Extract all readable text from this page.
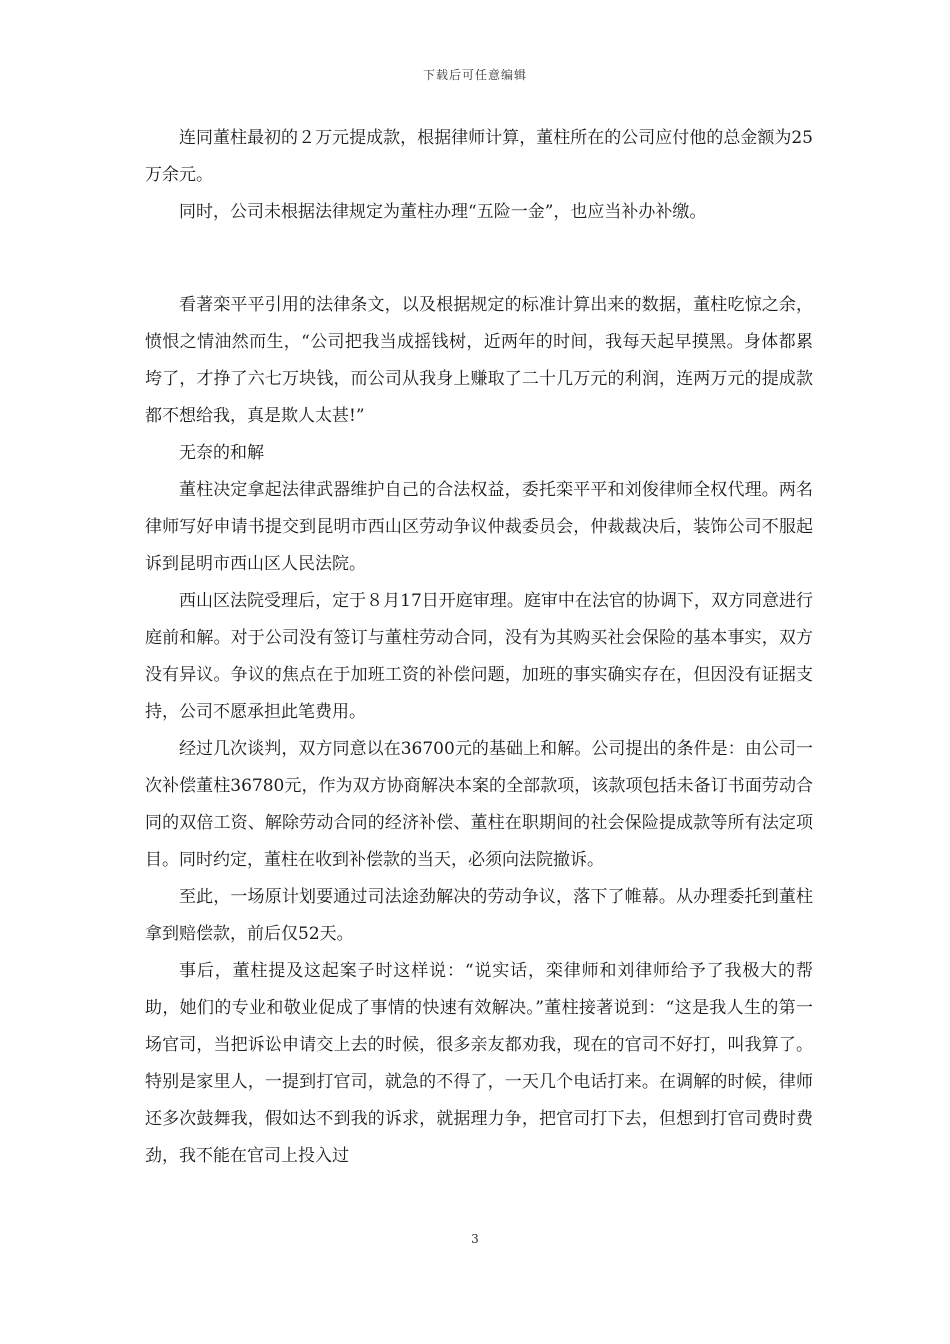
下载后可任意编辑

连同董柱最初的２万元提成款，根据律师计算，董柱所在的公司应付他的总金额为25万余元。

同时，公司未根据法律规定为董柱办理“五险一金”，也应当补办补缴。

看著栾平平引用的法律条文，以及根据规定的标准计算出来的数据，董柱吃惊之余，愤恨之情油然而生，“公司把我当成摇钱树，近两年的时间，我每天起早摸黑。身体都累垮了，才挣了六七万块钱，而公司从我身上赚取了二十几万元的利润，连两万元的提成款都不想给我，真是欺人太甚!”

无奈的和解

董柱决定拿起法律武器维护自己的合法权益，委托栾平平和刘俊律师全权代理。两名律师写好申请书提交到昆明市西山区劳动争议仲裁委员会，仲裁裁决后，装饰公司不服起诉到昆明市西山区人民法院。

西山区法院受理后，定于８月17日开庭审理。庭审中在法官的协调下，双方同意进行庭前和解。对于公司没有签订与董柱劳动合同，没有为其购买社会保险的基本事实，双方没有异议。争议的焦点在于加班工资的补偿问题，加班的事实确实存在，但因没有证据支持，公司不愿承担此笔费用。

经过几次谈判，双方同意以在36700元的基础上和解。公司提出的条件是：由公司一次补偿董柱36780元，作为双方协商解决本案的全部款项，该款项包括未备订书面劳动合同的双倍工资、解除劳动合同的经济补偿、董柱在职期间的社会保险提成款等所有法定项目。同时约定，董柱在收到补偿款的当天，必须向法院撤诉。

至此，一场原计划要通过司法途劲解决的劳动争议，落下了帷幕。从办理委托到董柱拿到赔偿款，前后仅52天。

事后，董柱提及这起案子时这样说：“说实话，栾律师和刘律师给予了我极大的帮助，她们的专业和敬业促成了事情的快速有效解决。”董柱接著说到：“这是我人生的第一场官司，当把诉讼申请交上去的时候，很多亲友都劝我，现在的官司不好打，叫我算了。特别是家里人，一提到打官司，就急的不得了，一天几个电话打来。在调解的时候，律师还多次鼓舞我，假如达不到我的诉求，就据理力争，把官司打下去，但想到打官司费时费劲，我不能在官司上投入过

3
